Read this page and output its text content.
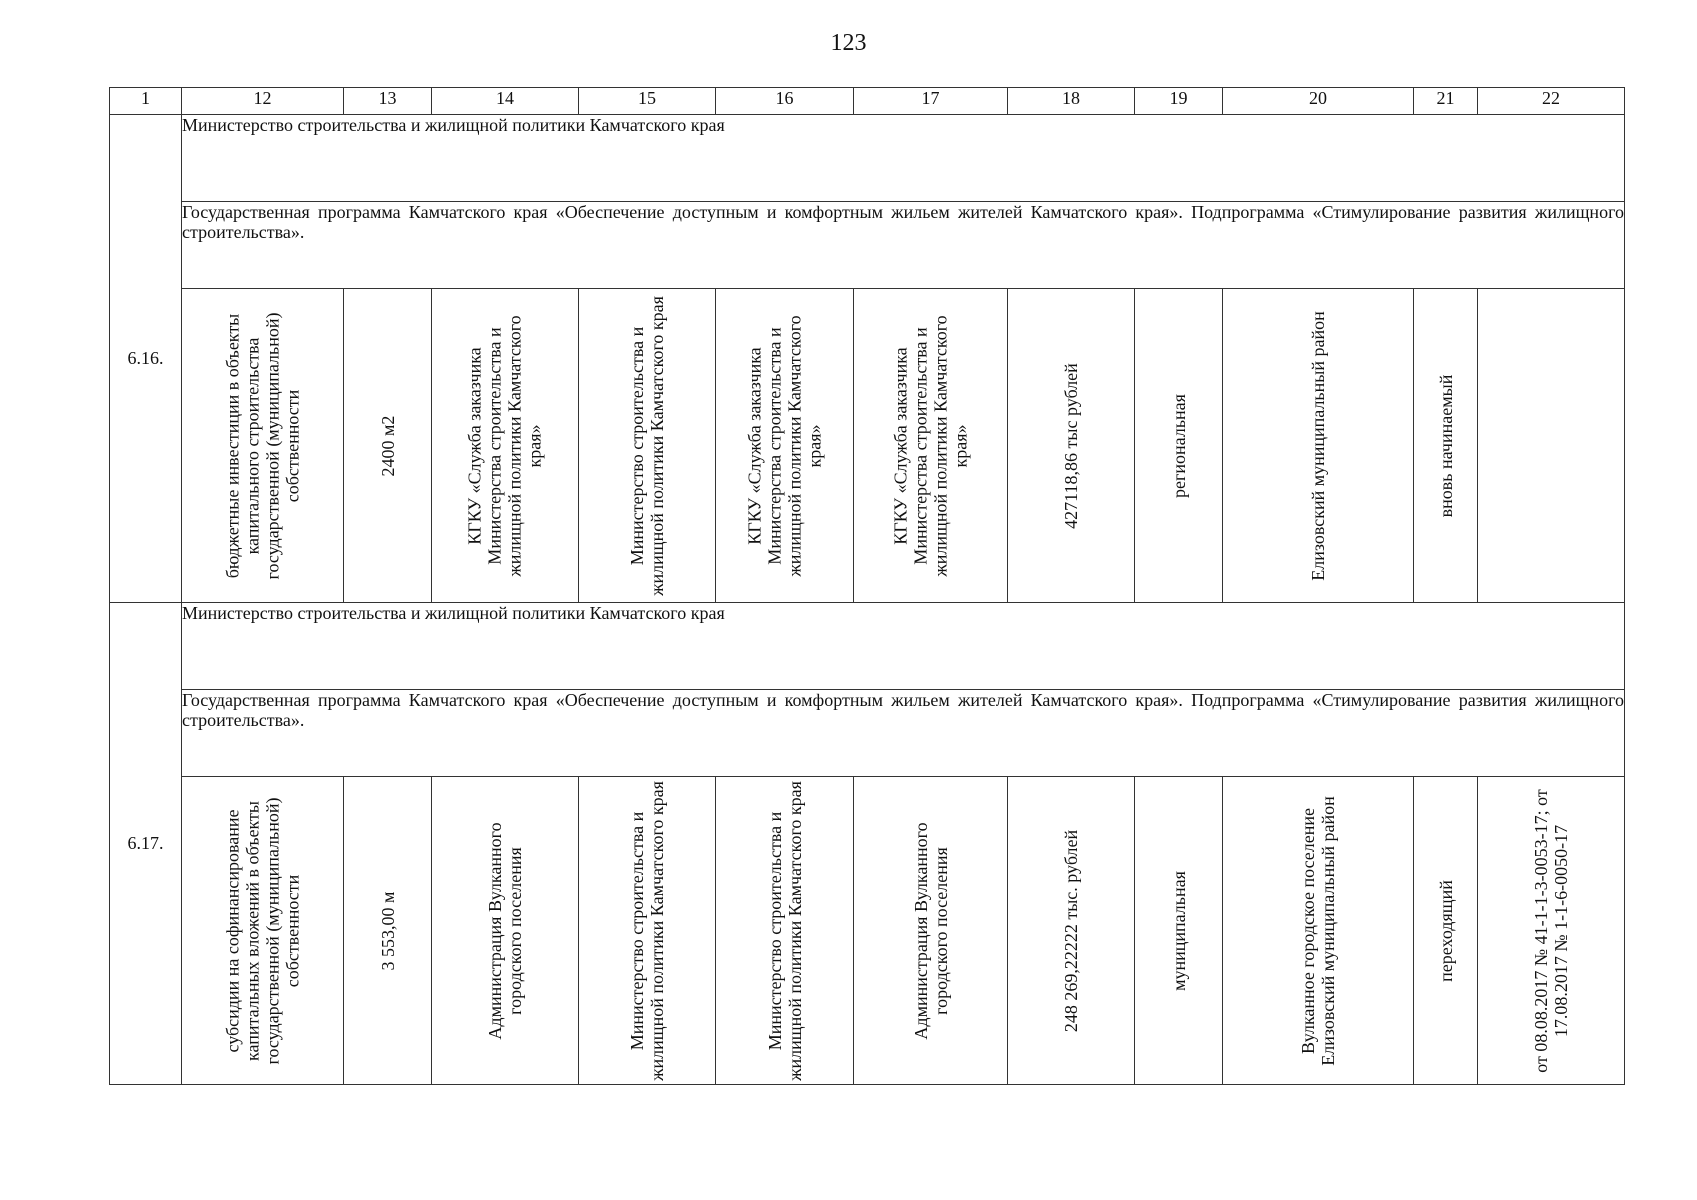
123
1	12	13	14	15	16	17	18	19	20	21	22
6.16.	Министерство строительства и жилищной политики Камчатского края										
	Государственная программа Камчатского края «Обеспечение доступным и комфортным жильем жителей Камчатского края». Подпрограмма «Стимулирование развития жилищного строительства».										

	бюджетные инвестиции в объекты капитального строительства государственной (муниципальной) собственности	2400 м2	КГКУ «Служба заказчика Министерства строительства и жилищной политики Камчатского края»	Министерство строительства и жилищной политики Камчатского края	КГКУ «Служба заказчика Министерства строительства и жилищной политики Камчатского края»	КГКУ «Служба заказчика Министерства строительства и жилищной политики Камчатского края»	427118,86 тыс рублей	региональная	Елизовский муниципальный район	вновь начинаемый	

6.17.	Министерство строительства и жилищной политики Камчатского края										
	Государственная программа Камчатского края «Обеспечение доступным и комфортным жильем жителей Камчатского края». Подпрограмма «Стимулирование развития жилищного строительства».										

	субсидии на софинансирование капитальных вложений в объекты государственной (муниципальной) собственности	3 553,00 м	Администрация Вулканного городского поселения	Министерство строительства и жилищной политики Камчатского края	Министерство строительства и жилищной политики Камчатского края	Администрация Вулканного городского поселения	248 269,22222 тыс. рублей	муниципальная	Вулканное городское поселение Елизовский муниципальный район	переходящий	от 08.08.2017 № 41-1-1-3-0053-17; от 17.08.2017 № 1-1-6-0050-17
